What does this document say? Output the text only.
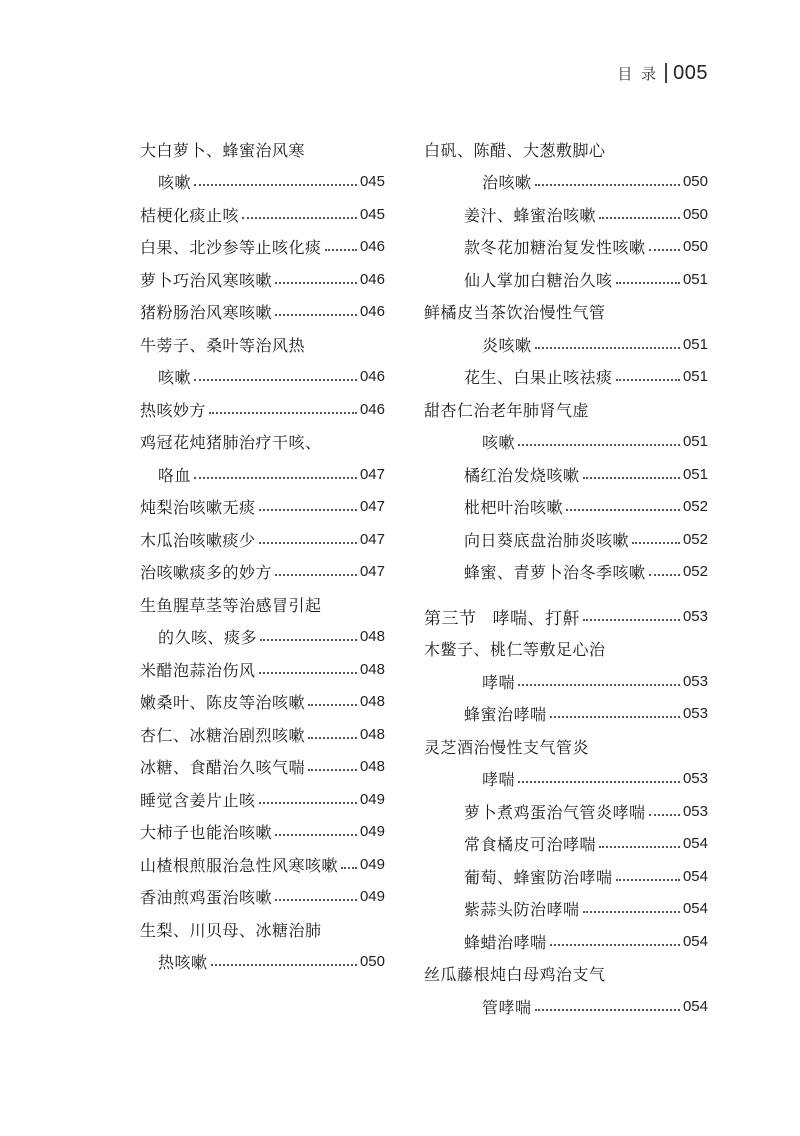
目 录 005
大白萝卜、蜂蜜治风寒
咳嗽	045
桔梗化痰止咳	045
白果、北沙参等止咳化痰	046
萝卜巧治风寒咳嗽	046
猪粉肠治风寒咳嗽	046
牛蒡子、桑叶等治风热
咳嗽	046
热咳妙方	046
鸡冠花炖猪肺治疗干咳、
咯血	047
炖梨治咳嗽无痰	047
木瓜治咳嗽痰少	047
治咳嗽痰多的妙方	047
生鱼腥草茎等治感冒引起
的久咳、痰多	048
米醋泡蒜治伤风	048
嫩桑叶、陈皮等治咳嗽	048
杏仁、冰糖治剧烈咳嗽	048
冰糖、食醋治久咳气喘	048
睡觉含姜片止咳	049
大柿子也能治咳嗽	049
山楂根煎服治急性风寒咳嗽 049
香油煎鸡蛋治咳嗽	049
生梨、川贝母、冰糖治肺
热咳嗽	050
白矾、陈醋、大葱敷脚心
治咳嗽	050
姜汁、蜂蜜治咳嗽	050
款冬花加糖治复发性咳嗽 050
仙人掌加白糖治久咳	051
鲜橘皮当茶饮治慢性气管
炎咳嗽	051
花生、白果止咳祛痰	051
甜杏仁治老年肺肾气虚
咳嗽	051
橘红治发烧咳嗽	051
枇杷叶治咳嗽	052
向日葵底盘治肺炎咳嗽	052
蜂蜜、青萝卜治冬季咳嗽 052
第三节 哮喘、打鼾	053
木鳖子、桃仁等敷足心治
哮喘	053
蜂蜜治哮喘	053
灵芝酒治慢性支气管炎
哮喘	053
萝卜煮鸡蛋治气管炎哮喘 053
常食橘皮可治哮喘	054
葡萄、蜂蜜防治哮喘	054
紫蒜头防治哮喘	054
蜂蜡治哮喘	054
丝瓜藤根炖白母鸡治支气
管哮喘	054
